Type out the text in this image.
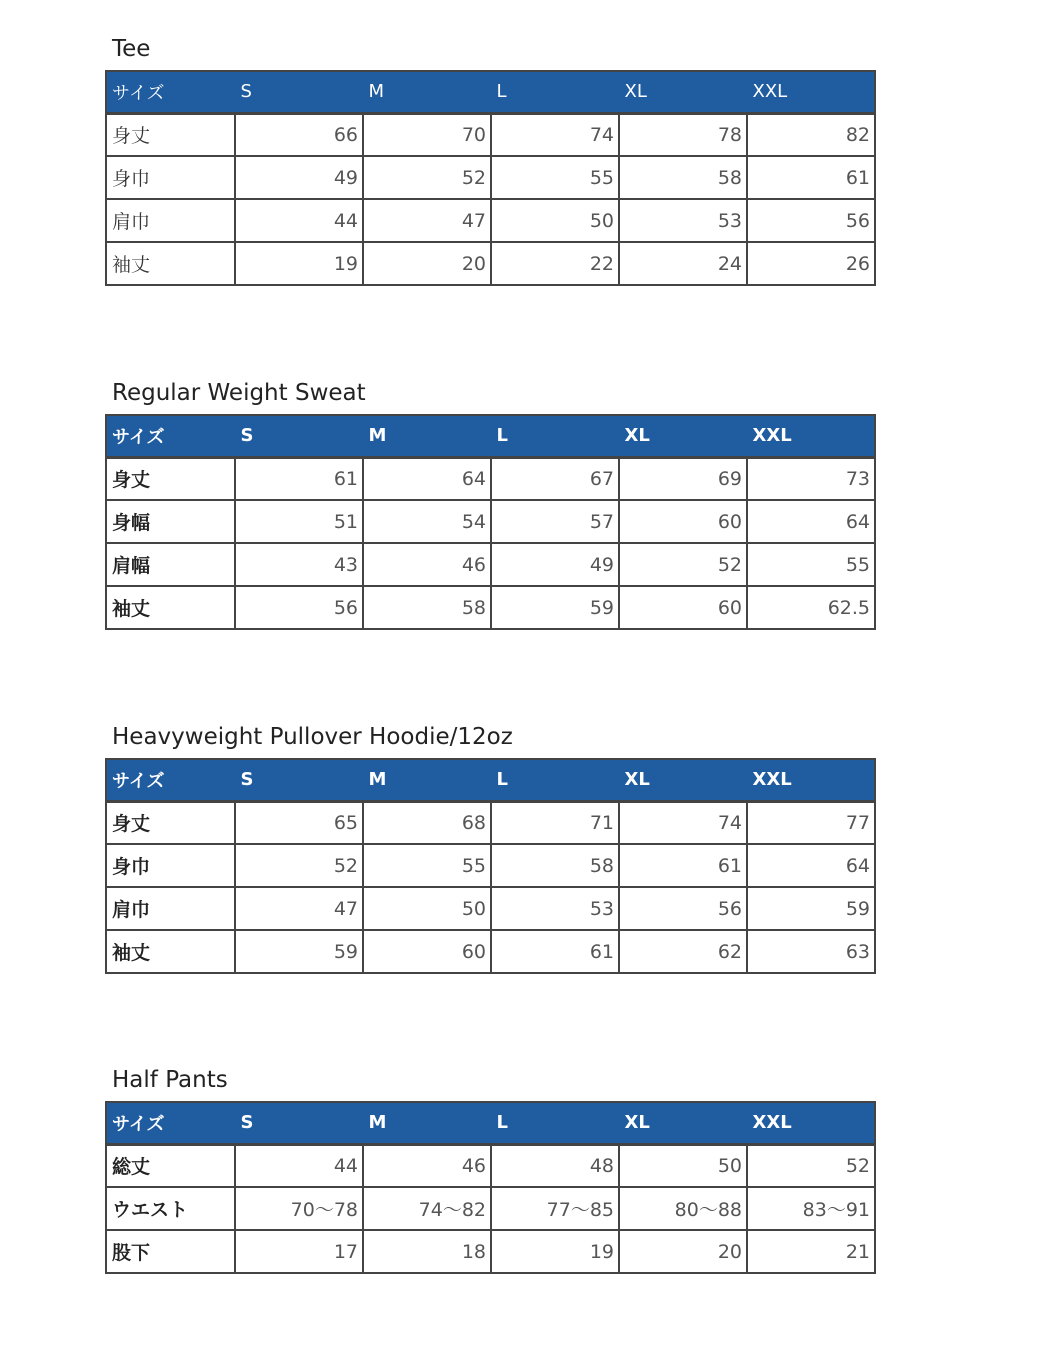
Tee
サイズ	S	M	L	XL	XXL
身丈	66	70	74	78	82
身巾	49	52	55	58	61
肩巾	44	47	50	53	56
袖丈	19	20	22	24	26
Regular Weight Sweat
サイズ	S	M	L	XL	XXL
身丈	61	64	67	69	73
身幅	51	54	57	60	64
肩幅	43	46	49	52	55
袖丈	56	58	59	60	62.5
Heavyweight Pullover Hoodie/12oz
サイズ	S	M	L	XL	XXL
身丈	65	68	71	74	77
身巾	52	55	58	61	64
肩巾	47	50	53	56	59
袖丈	59	60	61	62	63
Half Pants
サイズ	S	M	L	XL	XXL
総丈	44	46	48	50	52
ウエスト	70～78	74～82	77～85	80～88	83～91
股下	17	18	19	20	21
